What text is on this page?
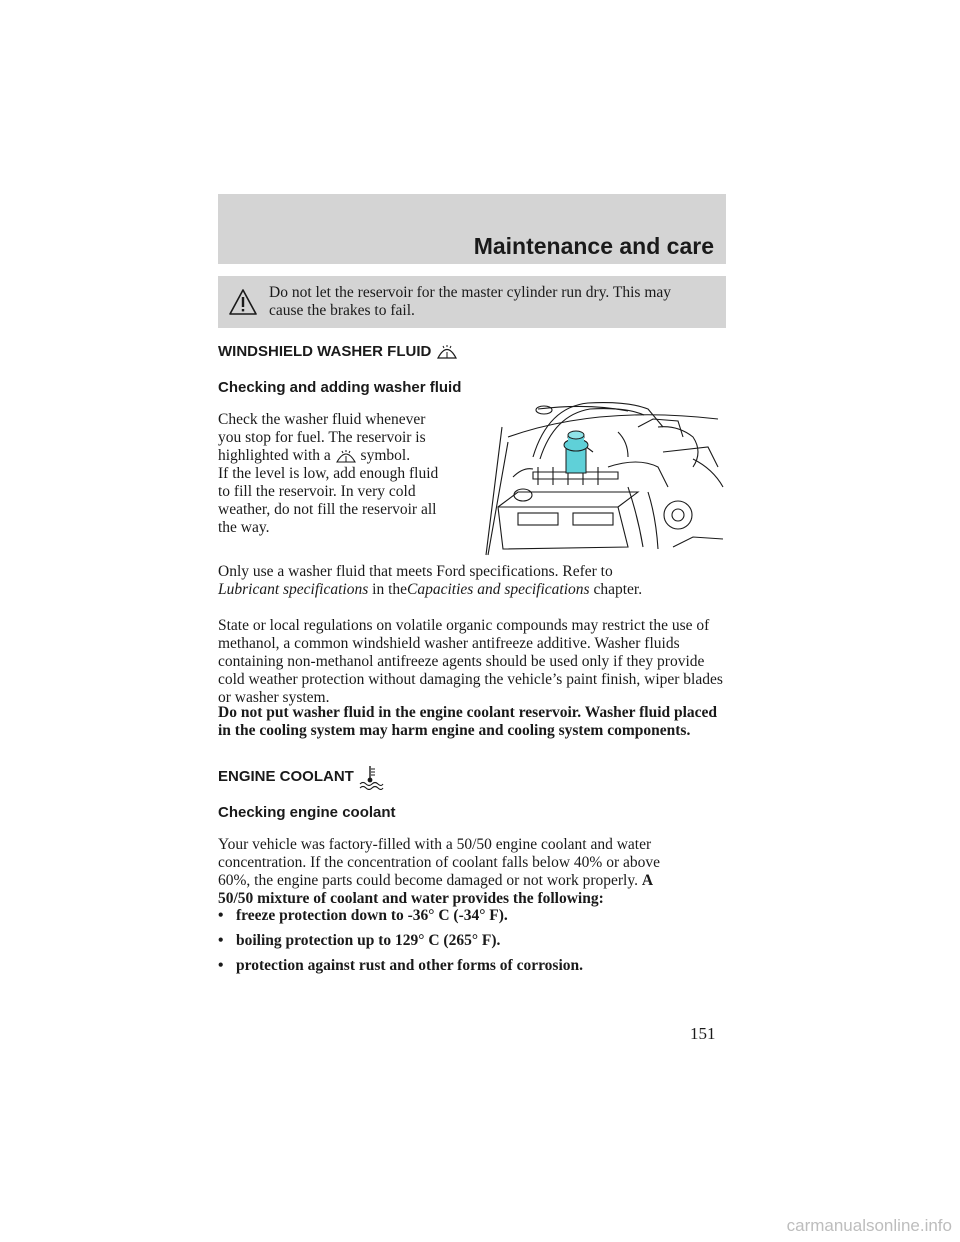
Maintenance and care
Do not let the reservoir for the master cylinder run dry. This may cause the brakes to fail.
WINDSHIELD WASHER FLUID
Checking and adding washer fluid
Check the washer fluid whenever
you stop for fuel. The reservoir is
highlighted with a symbol.
If the level is low, add enough fluid
to fill the reservoir. In very cold
weather, do not fill the reservoir all
the way.
Only use a washer fluid that meets Ford specifications. Refer to
Lubricant specifications in theCapacities and specifications chapter.
State or local regulations on volatile organic compounds may restrict the use of methanol, a common windshield washer antifreeze additive. Washer fluids containing non-methanol antifreeze agents should be used only if they provide cold weather protection without damaging the vehicle’s paint finish, wiper blades or washer system.
Do not put washer fluid in the engine coolant reservoir. Washer fluid placed in the cooling system may harm engine and cooling system components.
ENGINE COOLANT
Checking engine coolant
Your vehicle was factory-filled with a 50/50 engine coolant and water
concentration. If the concentration of coolant falls below 40% or above
60%, the engine parts could become damaged or not work properly. A
50/50 mixture of coolant and water provides the following:
• freeze protection down to -36° C (-34° F).
• boiling protection up to 129° C (265° F).
• protection against rust and other forms of corrosion.
151
carmanualsonline.info
